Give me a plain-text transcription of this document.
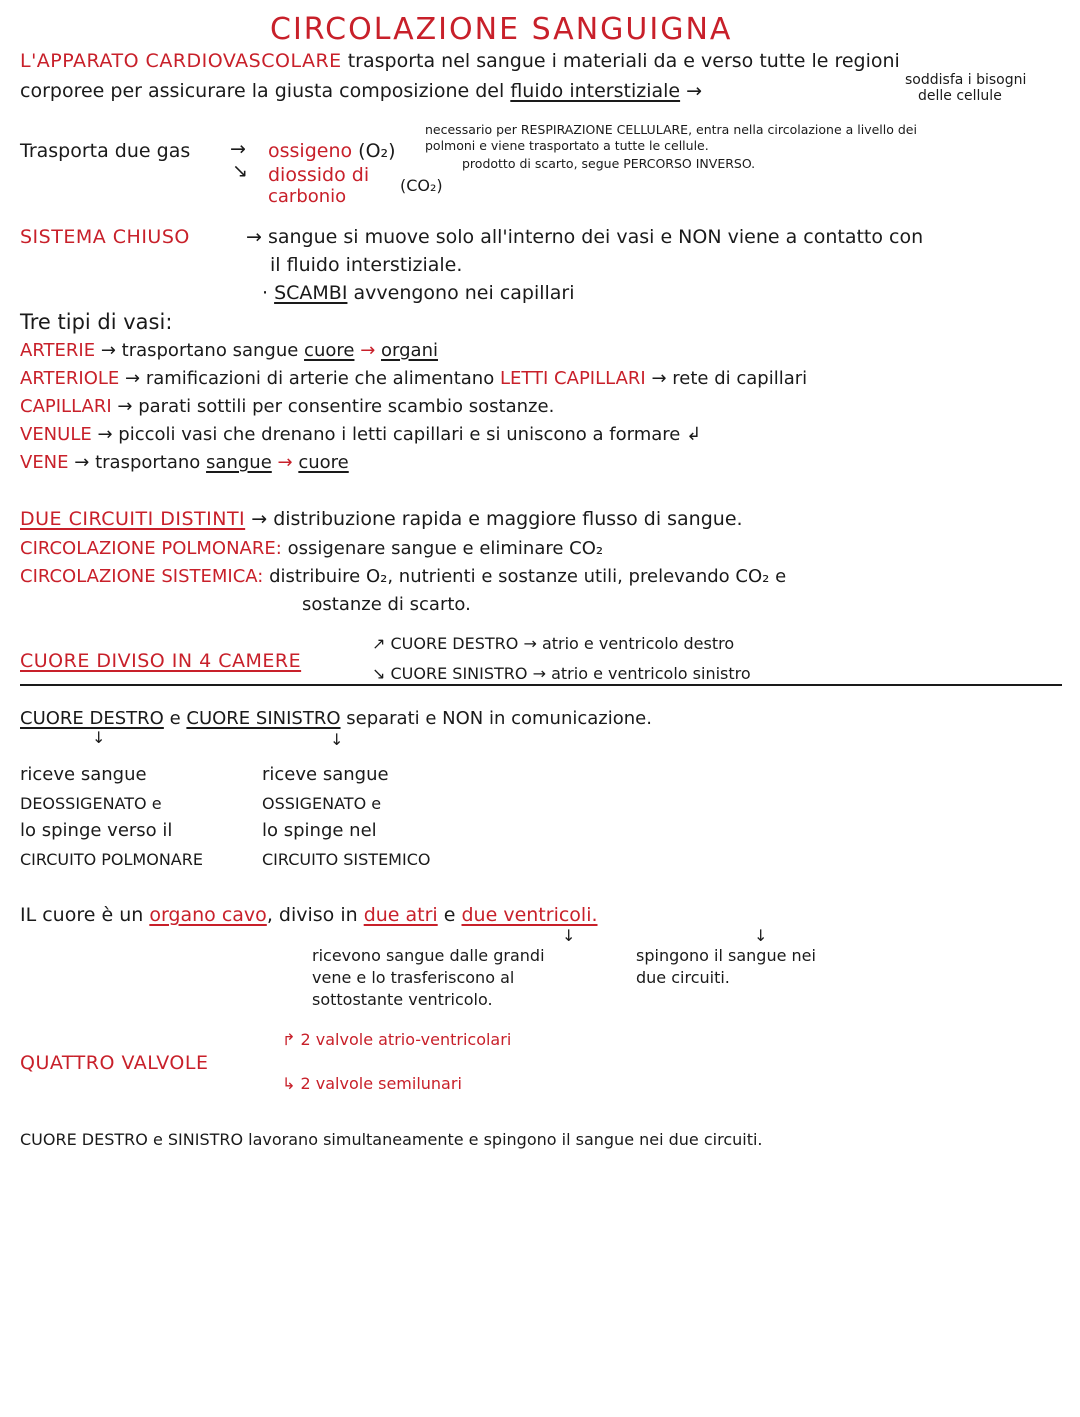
CIRCOLAZIONE SANGUIGNA
L'APPARATO CARDIOVASCOLARE trasporta nel sangue i materiali da e verso tutte le regioni
corporee per assicurare la giusta composizione del fluido interstiziale →	soddisfa i bisogni
delle cellule
Trasporta due gas →
↘
ossigeno (O₂)
diossido di
carbonio
(CO₂)
necessario per RESPIRAZIONE CELLULARE, entra nella circolazione a livello dei
polmoni e viene trasportato a tutte le cellule.
prodotto di scarto, segue PERCORSO INVERSO.
SISTEMA CHIUSO	→ sangue si muove solo all'interno dei vasi e NON viene a contatto con
il fluido interstiziale.
· SCAMBI avvengono nei capillari
Tre tipi di vasi:
ARTERIE → trasportano sangue cuore → organi
ARTERIOLE → ramificazioni di arterie che alimentano LETTI CAPILLARI → rete di capillari
CAPILLARI → parati sottili per consentire scambio sostanze.
VENULE → piccoli vasi che drenano i letti capillari e si uniscono a formare ↲
VENE → trasportano sangue → cuore
DUE CIRCUITI DISTINTI → distribuzione rapida e maggiore flusso di sangue.
CIRCOLAZIONE POLMONARE: ossigenare sangue e eliminare CO₂
CIRCOLAZIONE SISTEMICA: distribuire O₂, nutrienti e sostanze utili, prelevando CO₂ e
sostanze di scarto.
CUORE DIVISO IN 4 CAMERE
↗ CUORE DESTRO → atrio e ventricolo destro
↘ CUORE SINISTRO → atrio e ventricolo sinistro
CUORE DESTRO e CUORE SINISTRO separati e NON in comunicazione.
↓	↓
riceve sangue
DEOSSIGENATO e
lo spinge verso il
CIRCUITO POLMONARE
riceve sangue
OSSIGENATO e
lo spinge nel
CIRCUITO SISTEMICO
IL cuore è un organo cavo, diviso in due atri e due ventricoli.
↓	↓
ricevono sangue dalle grandi
vene e lo trasferiscono al
sottostante ventricolo.
spingono il sangue nei
due circuiti.
QUATTRO VALVOLE
↱ 2 valvole atrio-ventricolari
↳ 2 valvole semilunari
CUORE DESTRO e SINISTRO lavorano simultaneamente e spingono il sangue nei due circuiti.
